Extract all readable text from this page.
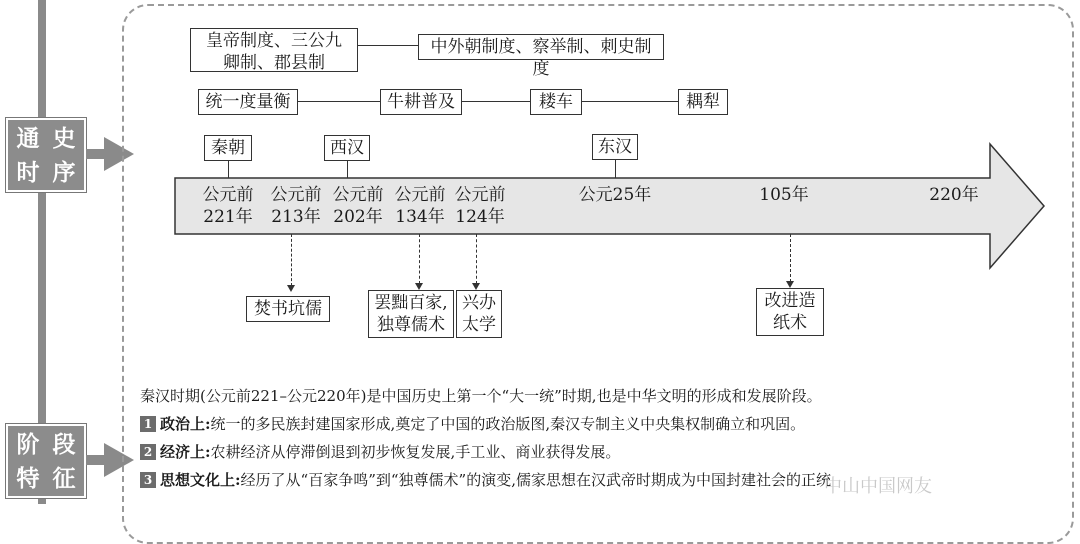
通 史
时 序
阶 段
特 征
皇帝制度、三公九
卿制、郡县制
中外朝制度、察举制、刺史制度
统一度量衡	牛耕普及	耧车	耦犁
秦朝	西汉	东汉
公元前
221年
公元前
213年
公元前
202年
公元前
134年
公元前
124年
公元25年	105年	220年
焚书坑儒	罢黜百家,
独尊儒术
兴办
太学
改进造
纸术
秦汉时期(公元前221–公元220年)是中国历史上第一个“大一统”时期,也是中华文明的形成和发展阶段。
1 政治上:统一的多民族封建国家形成,奠定了中国的政治版图,秦汉专制主义中央集权制确立和巩固。
2 经济上:农耕经济从停滞倒退到初步恢复发展,手工业、商业获得发展。
3 思想文化上:经历了从“百家争鸣”到“独尊儒术”的演变,儒家思想在汉武帝时期成为中国封建社会的正统
中山中国网友
